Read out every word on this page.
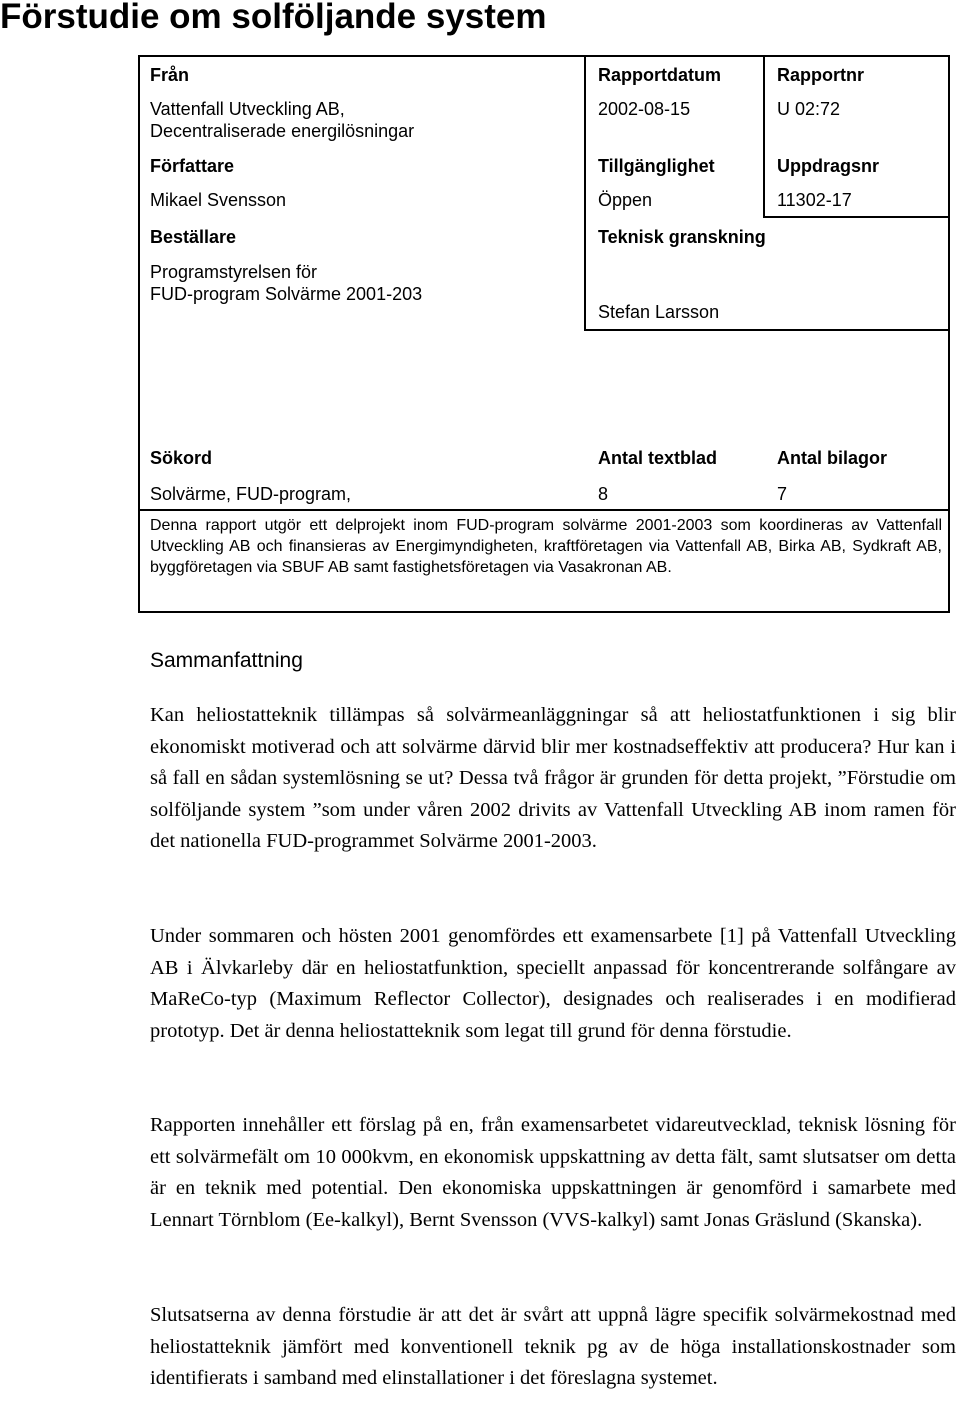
Förstudie om solföljande system
Från
Vattenfall Utveckling AB,
Decentraliserade energilösningar
Rapportdatum
2002-08-15
Rapportnr
U 02:72
Författare
Mikael Svensson
Tillgänglighet
Öppen
Uppdragsnr
11302-17
Beställare
Programstyrelsen för
FUD-program Solvärme 2001-203
Teknisk granskning
Stefan Larsson
Sökord
Solvärme, FUD-program,
Antal textblad
8
Antal bilagor
7
Denna rapport utgör ett delprojekt inom FUD-program solvärme 2001-2003 som koordineras av Vattenfall Utveckling AB och finansieras av Energimyndigheten, kraftföretagen via Vattenfall AB, Birka AB, Sydkraft AB, byggföretagen via SBUF AB samt fastighetsföretagen via Vasakronan AB.
Sammanfattning

Kan heliostatteknik tillämpas så solvärmeanläggningar så att heliostatfunktionen i sig blir ekonomiskt motiverad och att solvärme därvid blir mer kostnadseffektiv att producera? Hur kan i så fall en sådan systemlösning se ut? Dessa två frågor är grunden för detta projekt, ”Förstudie om solföljande system ”som under våren 2002 drivits av Vattenfall Utveckling AB inom ramen för det nationella FUD-programmet Solvärme 2001-2003.

Under sommaren och hösten 2001 genomfördes ett examensarbete [1] på Vattenfall Utveckling AB i Älvkarleby där en heliostatfunktion, speciellt anpassad för koncentrerande solfångare av MaReCo-typ (Maximum Reflector Collector), designades och realiserades i en modifierad prototyp. Det är denna heliostatteknik som legat till grund för denna förstudie.

Rapporten innehåller ett förslag på en, från examensarbetet vidareutvecklad, teknisk lösning för ett solvärmefält om 10 000kvm, en ekonomisk uppskattning av detta fält, samt slutsatser om detta är en teknik med potential. Den ekonomiska uppskattningen är genomförd i samarbete med Lennart Törnblom (Ee-kalkyl), Bernt Svensson (VVS-kalkyl) samt Jonas Gräslund (Skanska).

Slutsatserna av denna förstudie är att det är svårt att uppnå lägre specifik solvärmekostnad med heliostatteknik jämfört med konventionell teknik pg av de höga installationskostnader som identifierats i samband med elinstallationer i det föreslagna systemet.
